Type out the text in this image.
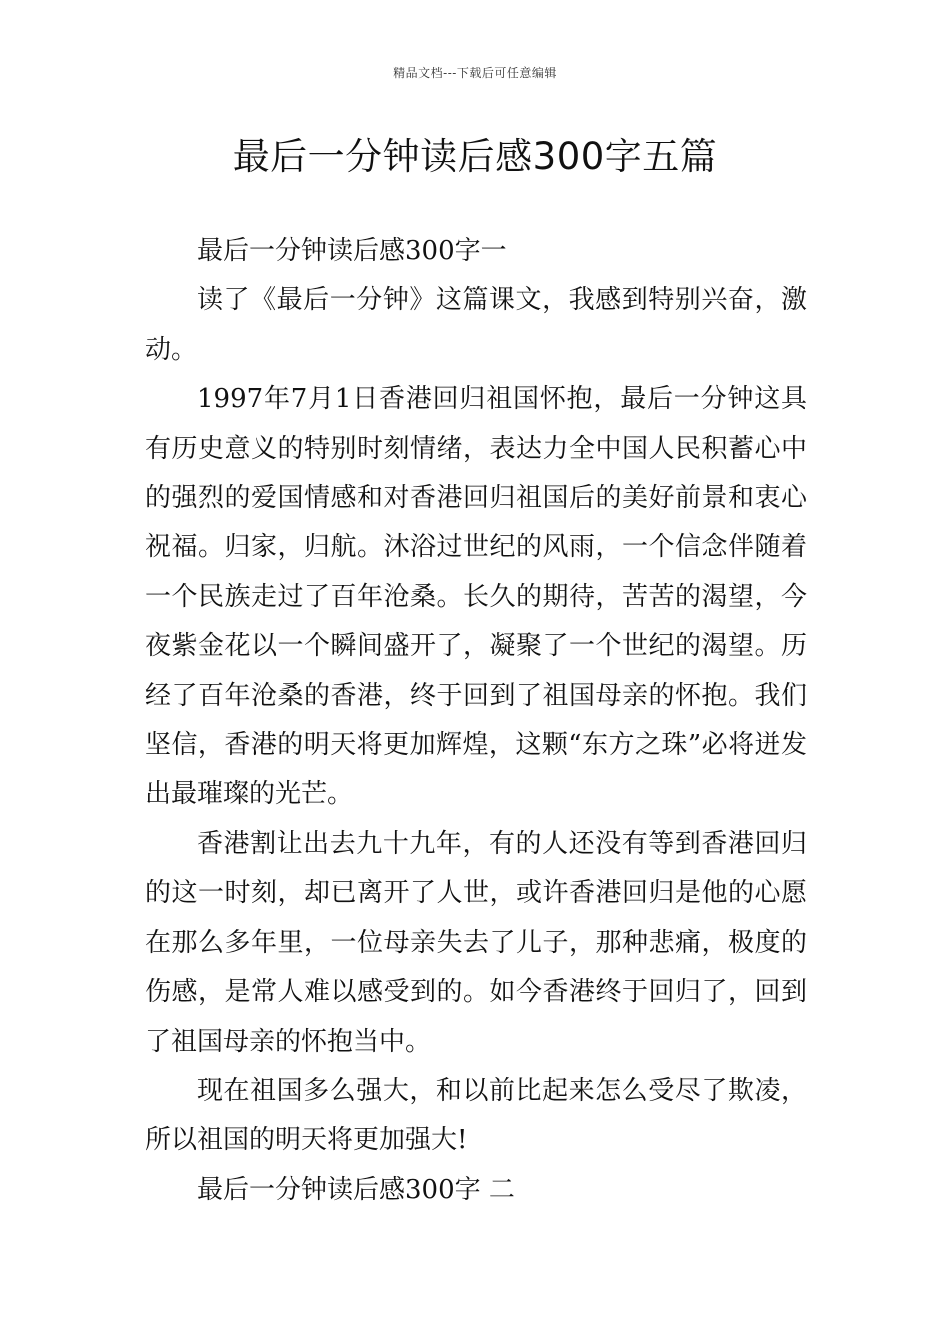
精品文档---下载后可任意编辑
最后一分钟读后感300字五篇

最后一分钟读后感300字一

读了《最后一分钟》这篇课文，我感到特别兴奋，激动。

1997年7月1日香港回归祖国怀抱，最后一分钟这具有历史意义的特别时刻情绪，表达力全中国人民积蓄心中的强烈的爱国情感和对香港回归祖国后的美好前景和衷心祝福。归家，归航。沐浴过世纪的风雨，一个信念伴随着一个民族走过了百年沧桑。长久的期待，苦苦的渴望，今夜紫金花以一个瞬间盛开了，凝聚了一个世纪的渴望。历经了百年沧桑的香港，终于回到了祖国母亲的怀抱。我们坚信，香港的明天将更加辉煌，这颗“东方之珠”必将迸发出最璀璨的光芒。

香港割让出去九十九年，有的人还没有等到香港回归的这一时刻，却已离开了人世，或许香港回归是他的心愿在那么多年里，一位母亲失去了儿子，那种悲痛，极度的伤感，是常人难以感受到的。如今香港终于回归了，回到了祖国母亲的怀抱当中。

现在祖国多么强大，和以前比起来怎么受尽了欺凌，所以祖国的明天将更加强大!

最后一分钟读后感300字 二
